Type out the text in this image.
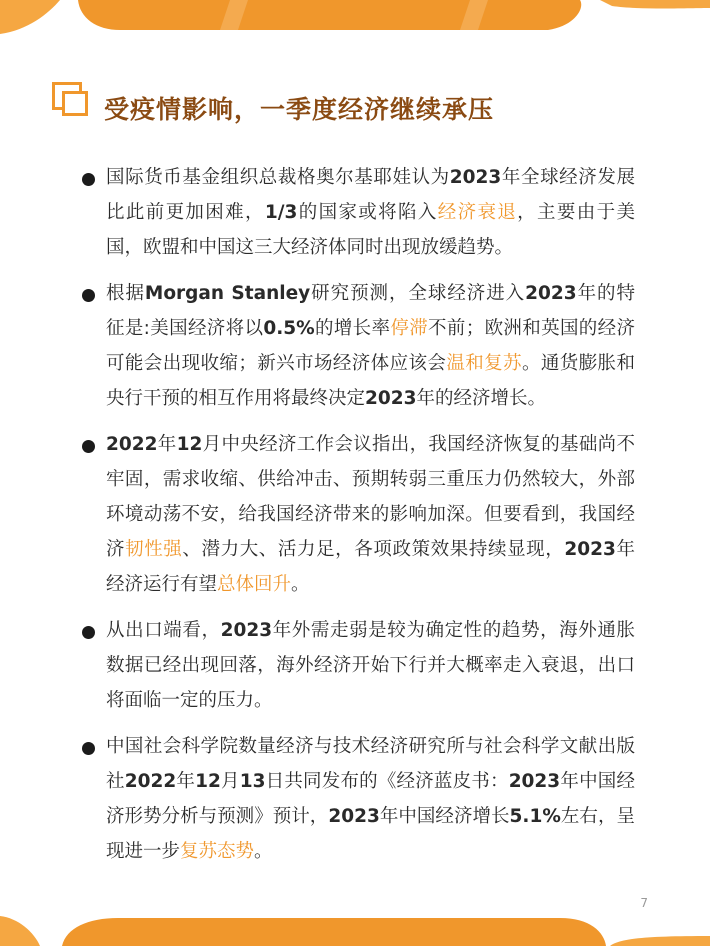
受疫情影响，一季度经济继续承压

国际货币基金组织总裁格奥尔基耶娃认为2023年全球经济发展比此前更加困难，1/3的国家或将陷入经济衰退，主要由于美国，欧盟和中国这三大经济体同时出现放缓趋势。

根据Morgan Stanley研究预测，全球经济进入2023年的特征是:美国经济将以0.5%的增长率停滞不前；欧洲和英国的经济可能会出现收缩；新兴市场经济体应该会温和复苏。通货膨胀和央行干预的相互作用将最终决定2023年的经济增长。

2022年12月中央经济工作会议指出，我国经济恢复的基础尚不牢固，需求收缩、供给冲击、预期转弱三重压力仍然较大，外部环境动荡不安，给我国经济带来的影响加深。但要看到，我国经济韧性强、潜力大、活力足，各项政策效果持续显现，2023年经济运行有望总体回升。

从出口端看，2023年外需走弱是较为确定性的趋势，海外通胀数据已经出现回落，海外经济开始下行并大概率走入衰退，出口将面临一定的压力。

中国社会科学院数量经济与技术经济研究所与社会科学文献出版社2022年12月13日共同发布的《经济蓝皮书：2023年中国经济形势分析与预测》预计，2023年中国经济增长5.1%左右，呈现进一步复苏态势。

7
